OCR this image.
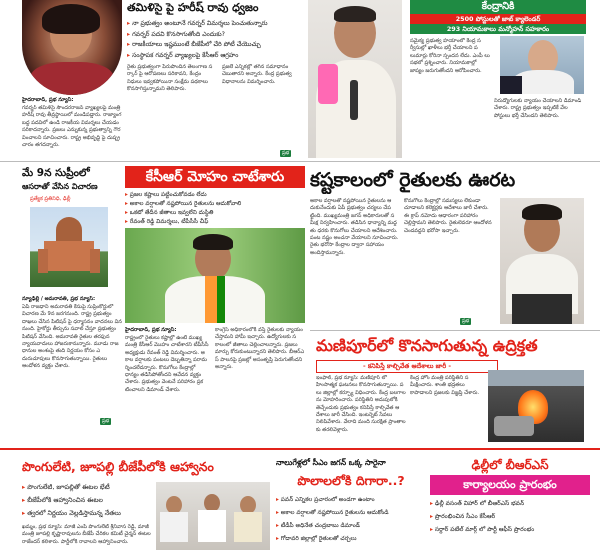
తమిళిసై పై హరీష్ రావు ధ్వజం
▸ నా ప్రభుత్వం అంటూనే గవర్నర్ విమర్శలు పెంచుతున్నారు
▸ గవర్నర్ పదవి కొనసాగుతోంది ఎందుకు?
▸ రాజకీయాలు ఇష్టముంటే బీజేపీలో చేరి పోటీ చేయొచ్చు
▸ సంస్థాపక గవర్నర్ వ్యాఖ్యలపై కేసీఆర్ ఆగ్రహం
హైదరాబాద్, ప్రభ న్యూస్:
గవర్నర్ తమిళిసై సౌందరరాజన్ వ్యాఖ్యలపై మంత్రి హరీష్ రావు తీవ్రస్థాయిలో మండిపడ్డారు. రాజ్యాంగబద్ధ పదవిలో ఉండి రాజకీయ విమర్శలు చేయడం సరికాదన్నారు. ప్రజలు ఎన్నుకున్న ప్రభుత్వాన్ని గౌరవించాలని సూచించారు. రాష్ట్ర అభివృద్ధి పై దుష్ప్రచారం తగదన్నారు.
రైతు ప్రభుత్వంగా పేరుపొందిన తెలంగాణ సర్కార్ పై ఆరోపణలు సరికావని, కేంద్రం నిధులు ఇవ్వకపోయినా సంక్షేమ పథకాలు కొనసాగిస్తున్నామని తెలిపారు.
ప్రజలే ఎన్నికల్లో తగిన సమాధానం చెబుతారని అన్నారు. కేంద్ర ప్రభుత్వ విధానాలను విమర్శించారు.
ప్రభ
కేంద్రానికి
2500 పోస్టులతో జాబ్ క్యాలెండర్
293 నియామకాలు మన్మోహన్ సహకారం
సమైక్య ప్రభుత్వ హయాంలో కేంద్ర సర్వీసుల్లో ఖాళీలు భర్తీ చేయాలని పలుమార్లు కోరినా స్పందన లేదు. ఎంపీ లు సభలో ప్రశ్నించారు. నియామకాల్లో జాప్యం జరుగుతోందని ఆరోపించారు.
నిరుద్యోగులకు న్యాయం చేయాలని డిమాండ్ చేశారు. రాష్ట్ర ప్రభుత్వం ఇప్పటికే వేల పోస్టులు భర్తీ చేసిందని తెలిపారు.
మే 9న సుప్రీంలో
ఆసరాతో వేసిన విచారణ
ప్రత్యేక ప్రతినిధి, ఢిల్లీ
న్యూఢిల్లీ / అమరావతి, ప్రభ న్యూస్:
ఏపీ రాజధాని అమరావతి కేసుపై సుప్రీంకోర్టులో విచారణ మే 9న జరగనుంది. రాష్ట్ర ప్రభుత్వం దాఖలు చేసిన పిటిషన్ పై ధర్మాసనం వాదనలు విననుంది. హైకోర్టు తీర్పును సవాల్ చేస్తూ ప్రభుత్వం పిటిషన్ వేసింది. అమరావతి రైతుల తరఫున న్యాయవాదులు హాజరుకానున్నారు. మూడు రాజధానుల అంశంపై తుది నిర్ణయం కోసం ఎదురుచూపులు కొనసాగుతున్నాయి. రైతులు ఆందోళన వ్యక్తం చేశారు.
ప్రభ
కేసీఆర్ మోహం చాటేశారు
▸ ప్రజల కష్టాలు పట్టించుకోవడం లేదు
▸ అకాల వర్షాలతో నష్టపోయిన రైతులను ఆదుకోవాలి
▸ ఒకటో తేదీన జీతాలు ఇవ్వలేని దుస్థితి
▸ రేవంత్ రెడ్డి విమర్శలు, టీపీసీసీ చీఫ్
హైదరాబాద్, ప్రభ న్యూస్:
రాష్ట్రంలో రైతులు కష్టాల్లో ఉంటే ముఖ్యమంత్రి కేసీఆర్ మొహం చాటేశారని టీపీసీసీ అధ్యక్షుడు రేవంత్ రెడ్డి విమర్శించారు. అకాల వర్షాలకు పంటలు దెబ్బతిన్నా పరామర్శించలేదన్నారు. కొనుగోలు కేంద్రాల్లో ధాన్యం తడిసిపోతోందని ఆవేదన వ్యక్తం చేశారు. ప్రభుత్వం వెంటనే పరిహారం ప్రకటించాలని డిమాండ్ చేశారు.
కాంగ్రెస్ అధికారంలోకి వస్తే రైతులకు న్యాయం చేస్తామని హామీ ఇచ్చారు. ఉద్యోగులకు సకాలంలో జీతాలు చెల్లించాలన్నారు. ప్రజలు మార్పు కోరుకుంటున్నారని తెలిపారు. బీఆర్ఎస్ పాలనపై ప్రజల్లో అసంతృప్తి పెరుగుతోందని అన్నారు.
కష్టకాలంలో రైతులకు ఊరట
అకాల వర్షాలతో నష్టపోయిన రైతులను ఆదుకునేందుకు ఏపీ ప్రభుత్వం చర్యలు చేపట్టింది. ముఖ్యమంత్రి జగన్ అధికారులతో సమీక్ష నిర్వహించారు. తడిసిన ధాన్యాన్ని మద్దతు ధరకు కొనుగోలు చేయాలని ఆదేశించారు. పంట నష్టం అంచనా వేయాలని సూచించారు. రైతు భరోసా కేంద్రాల ద్వారా సహాయం అందిస్తామన్నారు.
కొనుగోలు కేంద్రాల్లో సమస్యలు లేకుండా చూడాలని కలెక్టర్లకు ఆదేశాలు జారీ చేశారు. ఈ క్రాప్ నమోదు ఆధారంగా పరిహారం చెల్లిస్తామని తెలిపారు. రైతులెవరూ ఆందోళన చెందవద్దని భరోసా ఇచ్చారు.
ప్రభ
మణిపూర్‌లో కొనసాగుతున్న ఉద్రిక్తత
- కనిపిస్తే కాల్చివేత ఆదేశాలు జారీ -
ఇంఫాల్, ప్రభ న్యూస్: మణిపూర్ లో హింసాత్మక ఘటనలు కొనసాగుతున్నాయి. పలు జిల్లాల్లో కర్ఫ్యూ విధించారు. కేంద్ర బలగాలను మోహరించారు. పరిస్థితిని అదుపులోకి తెచ్చేందుకు ప్రభుత్వం కనిపిస్తే కాల్చివేత ఆదేశాలు జారీ చేసింది. ఇంటర్నెట్ సేవలు నిలిపివేశారు. వేలాది మంది సురక్షిత ప్రాంతాలకు తరలివెళ్లారు.
కేంద్ర హోం మంత్రి పరిస్థితిని సమీక్షించారు. శాంతి భద్రతలు కాపాడాలని ప్రజలకు విజ్ఞప్తి చేశారు.
పొంగులేటి, జూపల్లి బీజేపీలోకి ఆహ్వానం
▸ పొంగులేటి, జూపల్లితో ఈటల భేటీ
▸ బీజేపీలోకి ఆహ్వానించిన ఈటల
▸ త్వరలో నిర్ణయం వెల్లడిస్తామన్న నేతలు
ఖమ్మం, ప్రభ న్యూస్: మాజీ ఎంపీ పొంగులేటి శ్రీనివాస రెడ్డి, మాజీ మంత్రి జూపల్లి కృష్ణారావులను బీజేపీ చేరికల కమిటీ చైర్మన్ ఈటల రాజేందర్ కలిశారు. పార్టీలోకి రావాలని ఆహ్వానించారు.
నాలుగేళ్లలో సీఎం జగన్ ఒక్క సారైనా
పొలాలలోకి దిగారా..?
▸ పవన్ ఎన్నికల ప్రచారంలో అండగా ఉంటాం
▸ అకాల వర్షాలతో నష్టపోయిన రైతులను ఆదుకోండి
▸ టీడీపీ అధినేత చంద్రబాబు డిమాండ్
▸ గోదావరి జిల్లాల్లో రైతులతో చర్చలు
ఢిల్లీలో బీఆర్ఎస్
కార్యాలయం ప్రారంభం
▸ ఢిల్లీ వసంత్ విహార్ లో బీఆర్ఎస్ భవన్
▸ ప్రారంభించిన సీఎం కేసీఆర్
▸ సర్దార్ పటేల్ మార్గ్ లో పార్టీ ఆఫీస్ ప్రారంభం
